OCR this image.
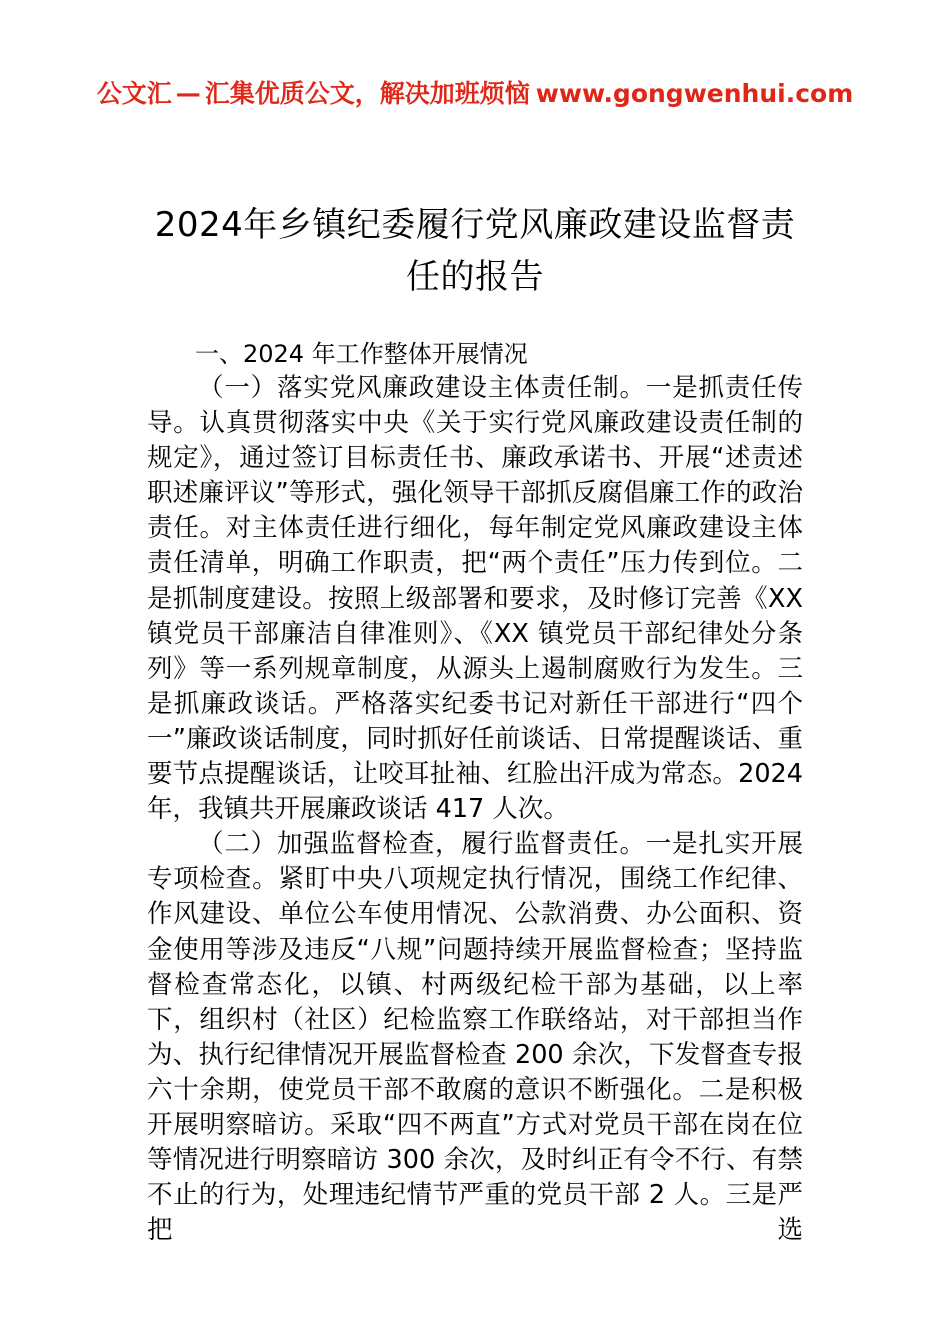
公文汇 — 汇集优质公文，解决加班烦恼 www.gongwenhui.com
2024年乡镇纪委履行党风廉政建设监督责任的报告

一、2024 年工作整体开展情况

（一）落实党风廉政建设主体责任制。一是抓责任传导。认真贯彻落实中央《关于实行党风廉政建设责任制的规定》，通过签订目标责任书、廉政承诺书、开展“述责述职述廉评议”等形式，强化领导干部抓反腐倡廉工作的政治责任。对主体责任进行细化，每年制定党风廉政建设主体责任清单，明确工作职责，把“两个责任”压力传到位。二是抓制度建设。按照上级部署和要求，及时修订完善《XX 镇党员干部廉洁自律准则》、《XX 镇党员干部纪律处分条列》等一系列规章制度，从源头上遏制腐败行为发生。三是抓廉政谈话。严格落实纪委书记对新任干部进行“四个一”廉政谈话制度，同时抓好任前谈话、日常提醒谈话、重要节点提醒谈话，让咬耳扯袖、红脸出汗成为常态。2024 年，我镇共开展廉政谈话 417 人次。

（二）加强监督检查，履行监督责任。一是扎实开展专项检查。紧盯中央八项规定执行情况，围绕工作纪律、作风建设、单位公车使用情况、公款消费、办公面积、资金使用等涉及违反“八规”问题持续开展监督检查；坚持监督检查常态化，以镇、村两级纪检干部为基础，以上率下，组织村（社区）纪检监察工作联络站，对干部担当作为、执行纪律情况开展监督检查 200 余次，下发督查专报六十余期，使党员干部不敢腐的意识不断强化。二是积极开展明察暗访。采取“四不两直”方式对党员干部在岗在位等情况进行明察暗访 300 余次，及时纠正有令不行、有禁不止的行为，处理违纪情节严重的党员干部 2 人。三是严把选
